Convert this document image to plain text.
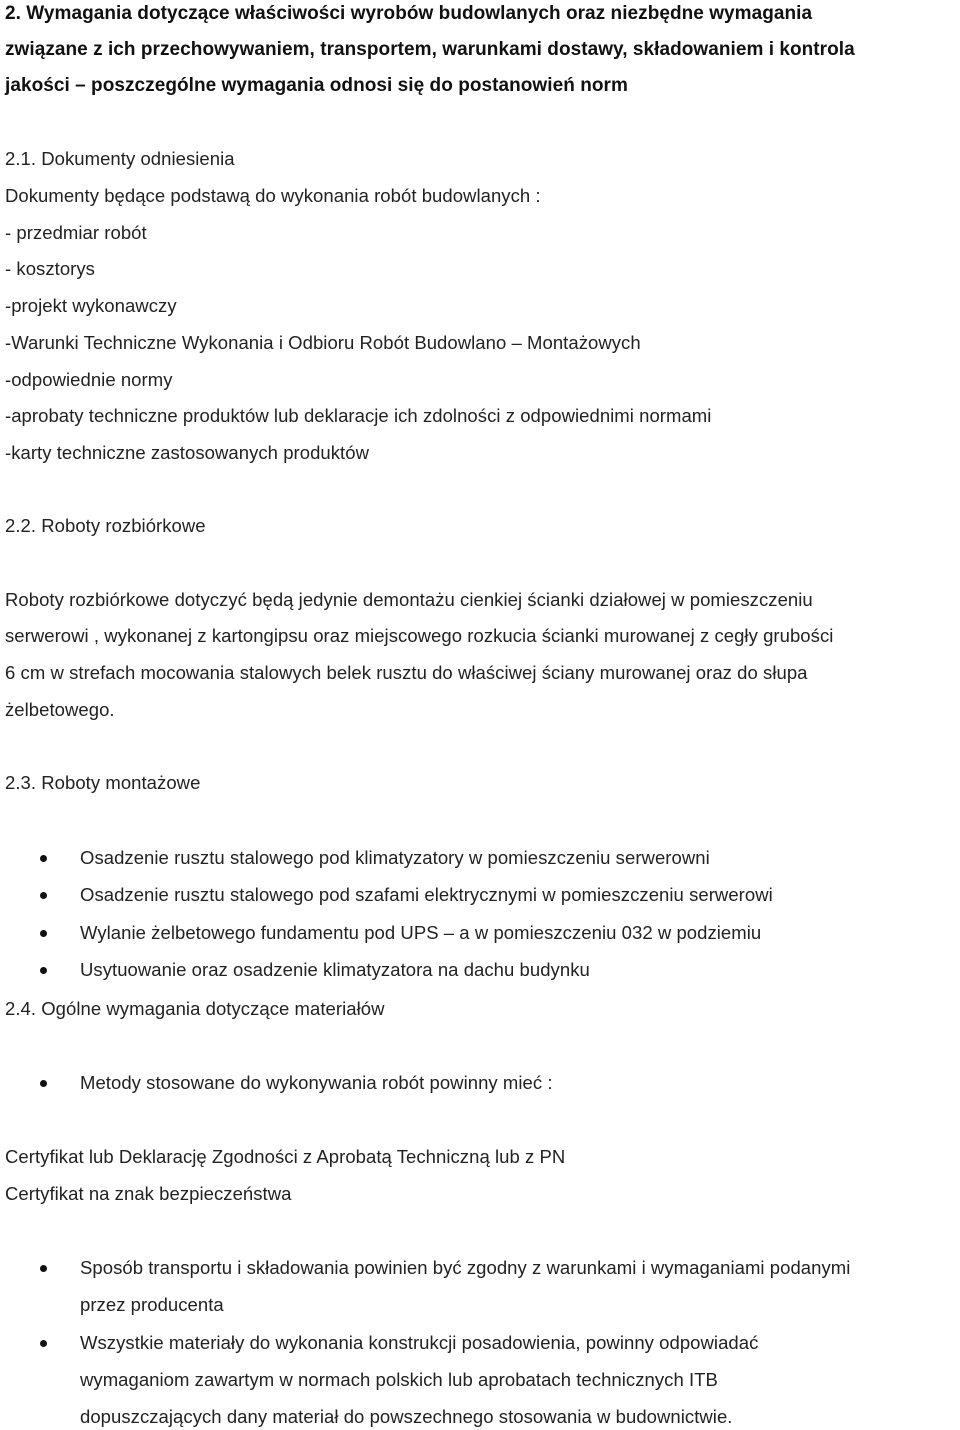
2. Wymagania dotyczące właściwości wyrobów budowlanych oraz niezbędne wymagania
związane z ich przechowywaniem, transportem, warunkami dostawy, składowaniem i kontrola
jakości – poszczególne wymagania odnosi się do postanowień norm
2.1. Dokumenty odniesienia
Dokumenty będące podstawą do wykonania robót budowlanych :
- przedmiar robót
- kosztorys
-projekt wykonawczy
-Warunki Techniczne Wykonania i Odbioru Robót Budowlano – Montażowych
-odpowiednie normy
-aprobaty techniczne produktów lub deklaracje ich zdolności z odpowiednimi normami
-karty techniczne zastosowanych produktów
2.2. Roboty rozbiórkowe
Roboty rozbiórkowe dotyczyć będą jedynie demontażu cienkiej ścianki działowej w pomieszczeniu
serwerowi , wykonanej z kartongipsu oraz miejscowego rozkucia ścianki murowanej z cegły grubości
6 cm w strefach mocowania stalowych belek rusztu do właściwej ściany murowanej oraz do słupa
żelbetowego.
2.3. Roboty montażowe
Osadzenie rusztu stalowego pod klimatyzatory w pomieszczeniu serwerowni
Osadzenie rusztu stalowego pod szafami elektrycznymi w pomieszczeniu serwerowi
Wylanie żelbetowego fundamentu pod UPS – a w pomieszczeniu 032 w podziemiu
Usytuowanie oraz osadzenie klimatyzatora na dachu budynku
2.4. Ogólne wymagania dotyczące materiałów
Metody stosowane do wykonywania robót powinny mieć :
Certyfikat lub Deklarację Zgodności z Aprobatą Techniczną lub z PN
Certyfikat na znak bezpieczeństwa
Sposób transportu i składowania powinien być zgodny z warunkami i wymaganiami podanymi
przez producenta
Wszystkie materiały do wykonania konstrukcji posadowienia, powinny odpowiadać
wymaganiom zawartym w normach polskich lub aprobatach technicznych ITB
dopuszczających dany materiał do powszechnego stosowania w budownictwie.
